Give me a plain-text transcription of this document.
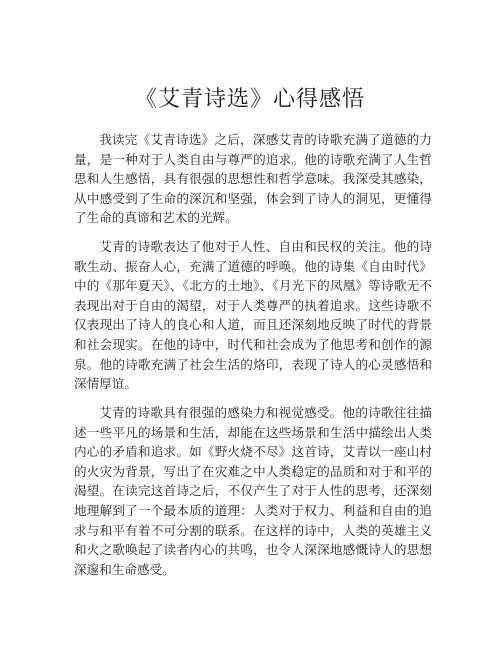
《艾青诗选》心得感悟

我读完《艾青诗选》之后，深感艾青的诗歌充满了道德的力量，是一种对于人类自由与尊严的追求。他的诗歌充满了人生哲思和人生感悟，具有很强的思想性和哲学意味。我深受其感染，从中感受到了生命的深沉和坚强，体会到了诗人的洞见，更懂得了生命的真谛和艺术的光辉。

艾青的诗歌表达了他对于人性、自由和民权的关注。他的诗歌生动、振奋人心，充满了道德的呼唤。他的诗集《自由时代》中的《那年夏天》、《北方的土地》、《月光下的凤凰》等诗歌无不表现出对于自由的渴望，对于人类尊严的执着追求。这些诗歌不仅表现出了诗人的良心和人道，而且还深刻地反映了时代的背景和社会现实。在他的诗中，时代和社会成为了他思考和创作的源泉。他的诗歌充满了社会生活的烙印，表现了诗人的心灵感悟和深情厚谊。

艾青的诗歌具有很强的感染力和视觉感受。他的诗歌往往描述一些平凡的场景和生活，却能在这些场景和生活中描绘出人类内心的矛盾和追求。如《野火烧不尽》这首诗，艾青以一座山村的火灾为背景，写出了在灾难之中人类稳定的品质和对于和平的渴望。在读完这首诗之后，不仅产生了对于人性的思考，还深刻地理解到了一个最本质的道理：人类对于权力、利益和自由的追求与和平有着不可分割的联系。在这样的诗中，人类的英雄主义和火之歌唤起了读者内心的共鸣，也令人深深地感慨诗人的思想深邃和生命感受。
